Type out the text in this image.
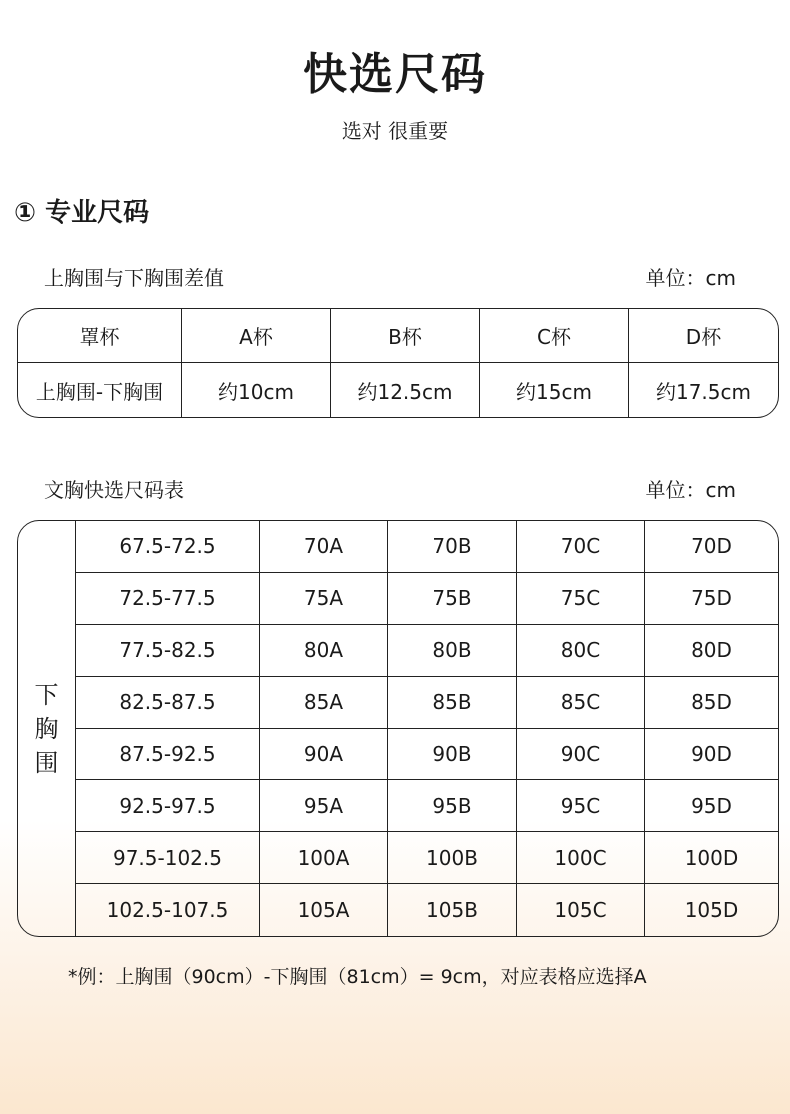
快选尺码
选对 很重要
① 专业尺码
上胸围与下胸围差值	单位：cm
罩杯	A杯	B杯	C杯	D杯
上胸围-下胸围	约10cm	约12.5cm	约15cm	约17.5cm
文胸快选尺码表	单位：cm
下
胸
围
67.5-72.5	70A	70B	70C	70D
72.5-77.5	75A	75B	75C	75D
77.5-82.5	80A	80B	80C	80D
82.5-87.5	85A	85B	85C	85D
87.5-92.5	90A	90B	90C	90D
92.5-97.5	95A	95B	95C	95D
97.5-102.5	100A	100B	100C	100D
102.5-107.5	105A	105B	105C	105D
*例：上胸围（90cm）-下胸围（81cm）= 9cm，对应表格应选择A
